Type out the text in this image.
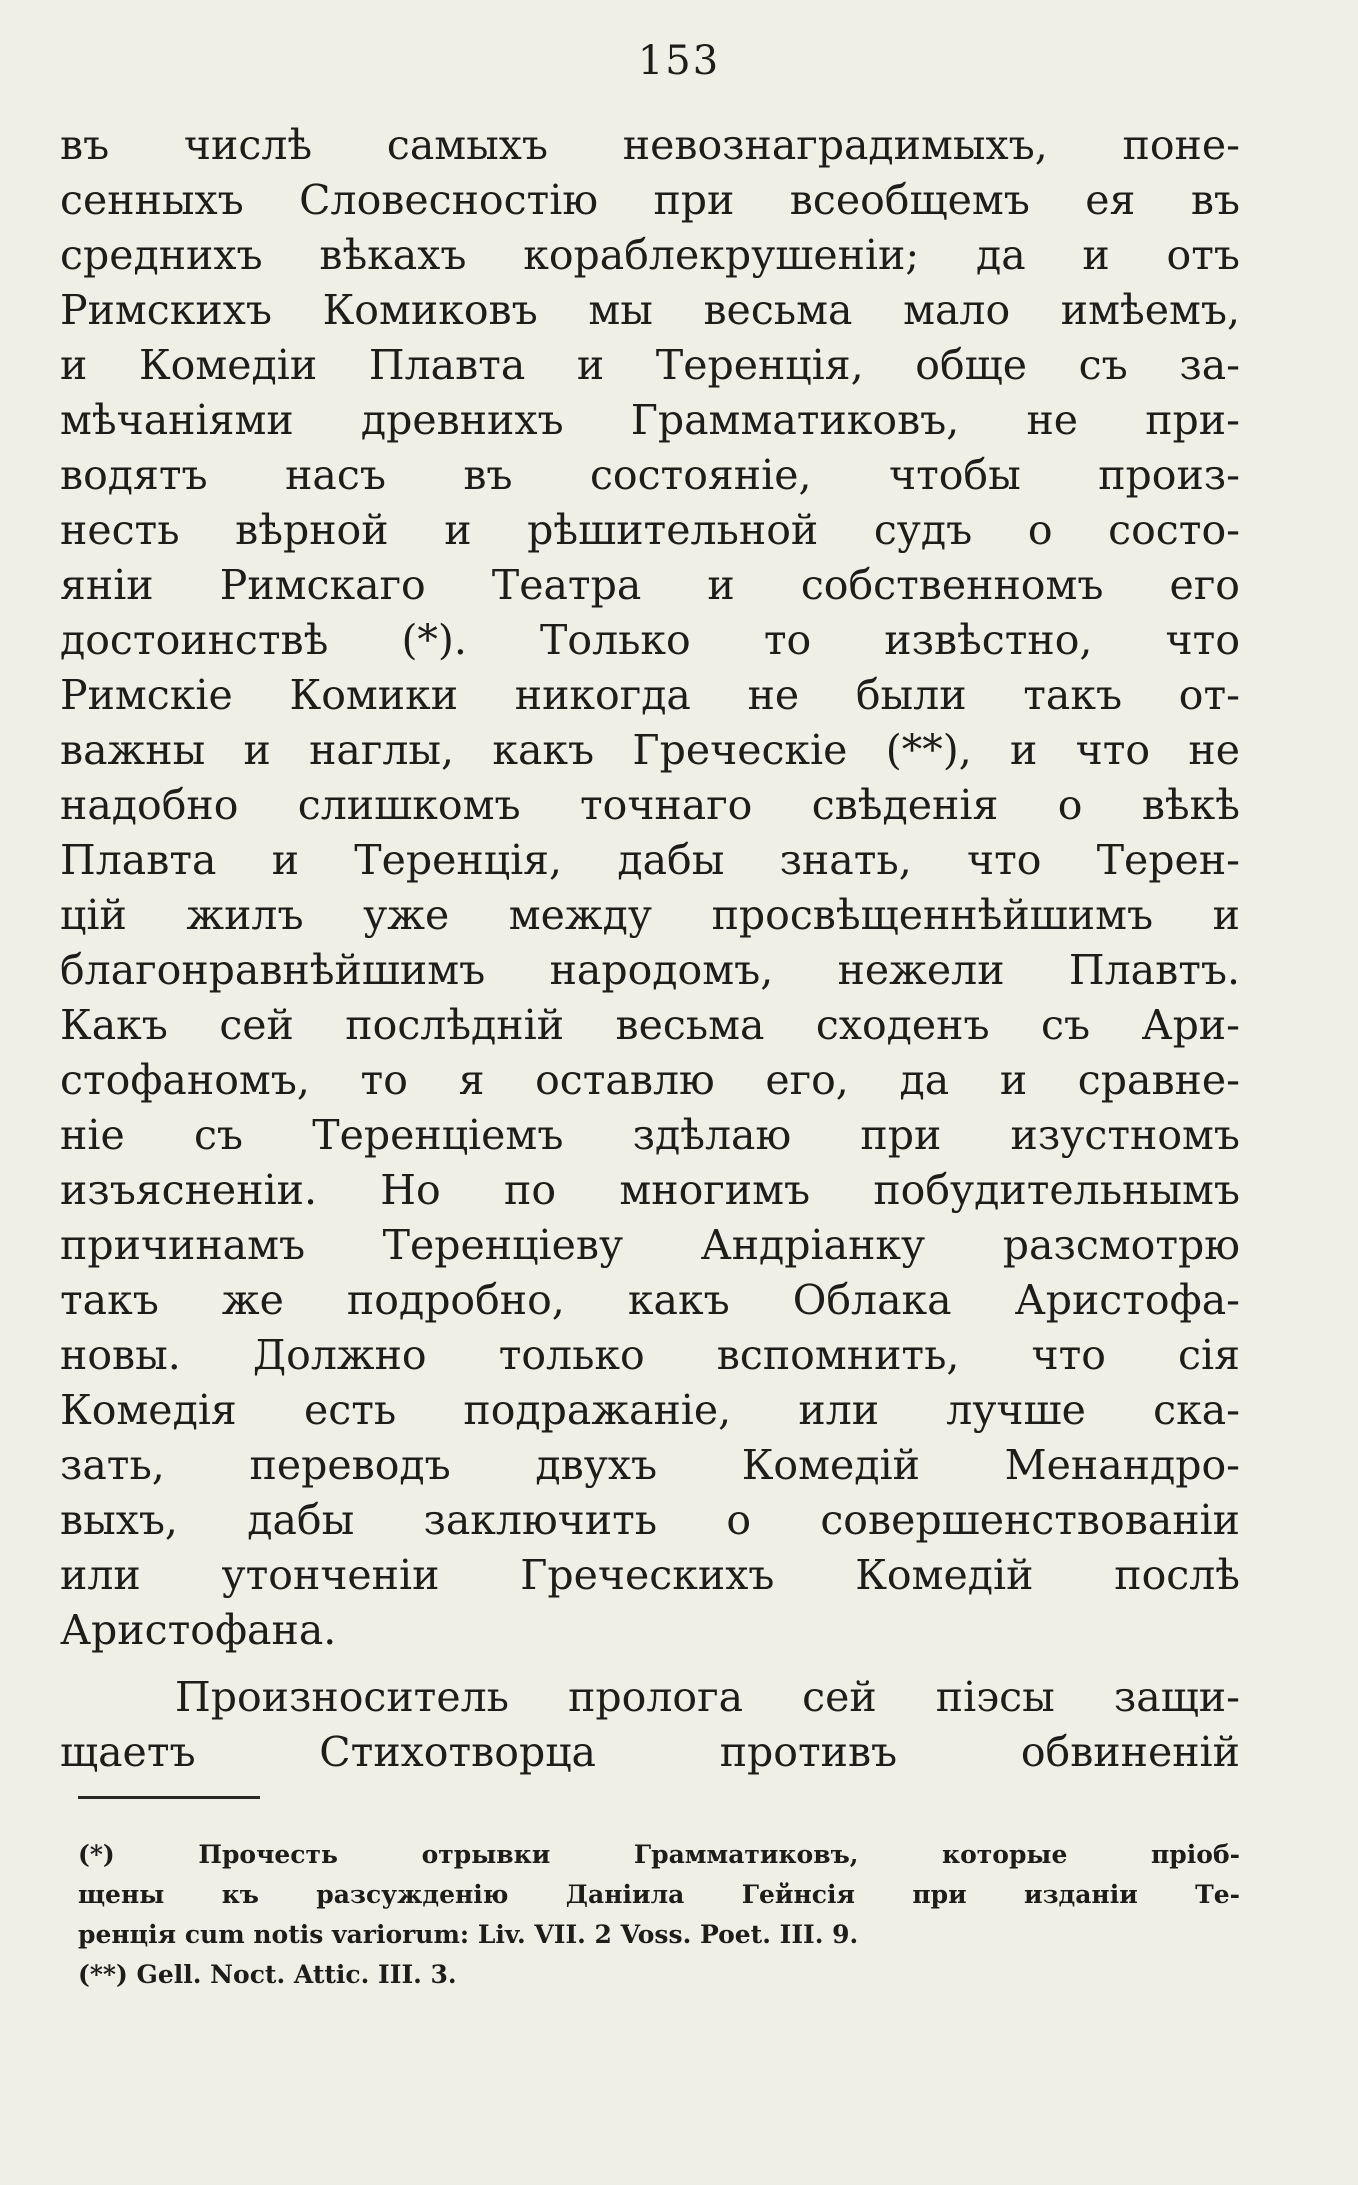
153
въ числѣ самыхъ невознаградимыхъ, поне-
сенныхъ Словесностію при всеобщемъ ея въ
среднихъ вѣкахъ кораблекрушеніи; да и отъ
Римскихъ Комиковъ мы весьма мало имѣемъ,
и Комедіи Плавта и Теренція, обще съ за-
мѣчаніями древнихъ Грамматиковъ, не при-
водятъ насъ въ состояніе, чтобы произ-
несть вѣрной и рѣшительной судъ о состо-
яніи Римскаго Театра и собственномъ его
достоинствѣ (*). Только то извѣстно, что
Римскіе Комики никогда не были такъ от-
важны и наглы, какъ Греческіе (**), и что не
надобно слишкомъ точнаго свѣденія о вѣкѣ
Плавта и Теренція, дабы знать, что Терен-
цій жилъ уже между просвѣщеннѣйшимъ и
благонравнѣйшимъ народомъ, нежели Плавтъ.
Какъ сей послѣдній весьма сходенъ съ Ари-
стофаномъ, то я оставлю его, да и сравне-
ніе съ Теренціемъ здѣлаю при изустномъ
изъясненіи. Но по многимъ побудительнымъ
причинамъ Теренціеву Андріанку разсмотрю
такъ же подробно, какъ Облака Аристофа-
новы. Должно только вспомнить, что сія
Комедія есть подражаніе, или лучше ска-
зать, переводъ двухъ Комедій Менандро-
выхъ, дабы заключить о совершенствованіи
или утонченіи Греческихъ Комедій послѣ
Аристофана.
Произноситель пролога сей піэсы защи-
щаетъ Стихотворца противъ обвиненій
(*) Прочесть отрывки Грамматиковъ, которые пріоб-
щены къ разсужденію Даніила Гейнсія при изданіи Те-
ренція cum notis variorum: Liv. VII. 2 Voss. Poet. III. 9.
(**) Gell. Noct. Attic. III. 3.
